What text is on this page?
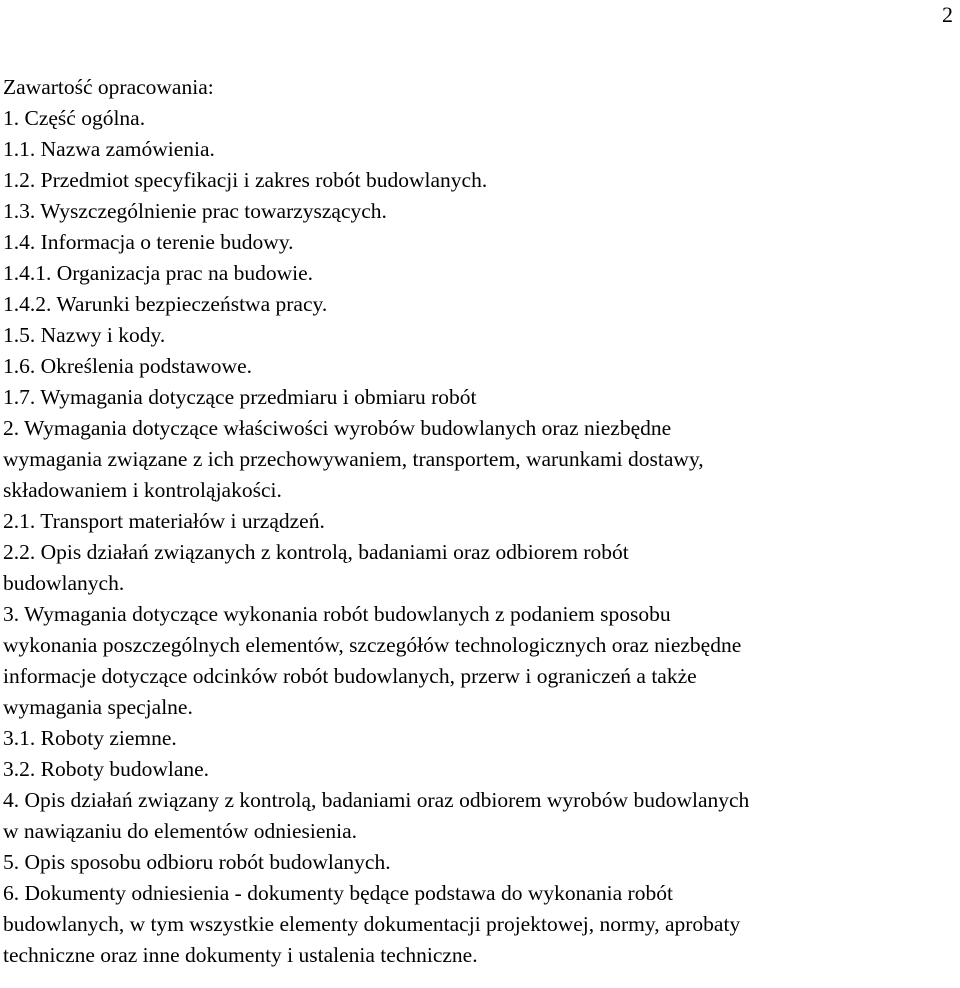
2
Zawartość opracowania:
1. Część ogólna.
1.1. Nazwa zamówienia.
1.2. Przedmiot specyfikacji i zakres robót budowlanych.
1.3. Wyszczególnienie prac towarzyszących.
1.4. Informacja o terenie budowy.
1.4.1. Organizacja prac na budowie.
1.4.2. Warunki bezpieczeństwa pracy.
1.5. Nazwy i kody.
1.6. Określenia podstawowe.
1.7. Wymagania dotyczące przedmiaru i obmiaru robót
2. Wymagania dotyczące właściwości wyrobów budowlanych oraz niezbędne
wymagania związane z ich przechowywaniem, transportem, warunkami dostawy,
składowaniem i kontroląjakości.
2.1. Transport materiałów i urządzeń.
2.2. Opis działań związanych z kontrolą, badaniami oraz odbiorem robót
budowlanych.
3. Wymagania dotyczące wykonania robót budowlanych z podaniem sposobu
wykonania poszczególnych elementów, szczegółów technologicznych oraz niezbędne
informacje dotyczące odcinków robót budowlanych, przerw i ograniczeń a także
wymagania specjalne.
3.1. Roboty ziemne.
3.2. Roboty budowlane.
4. Opis działań związany z kontrolą, badaniami oraz odbiorem wyrobów budowlanych
w nawiązaniu do elementów odniesienia.
5. Opis sposobu odbioru robót budowlanych.
6. Dokumenty odniesienia - dokumenty będące podstawa do wykonania robót
budowlanych, w tym wszystkie elementy dokumentacji projektowej, normy, aprobaty
techniczne oraz inne dokumenty i ustalenia techniczne.
